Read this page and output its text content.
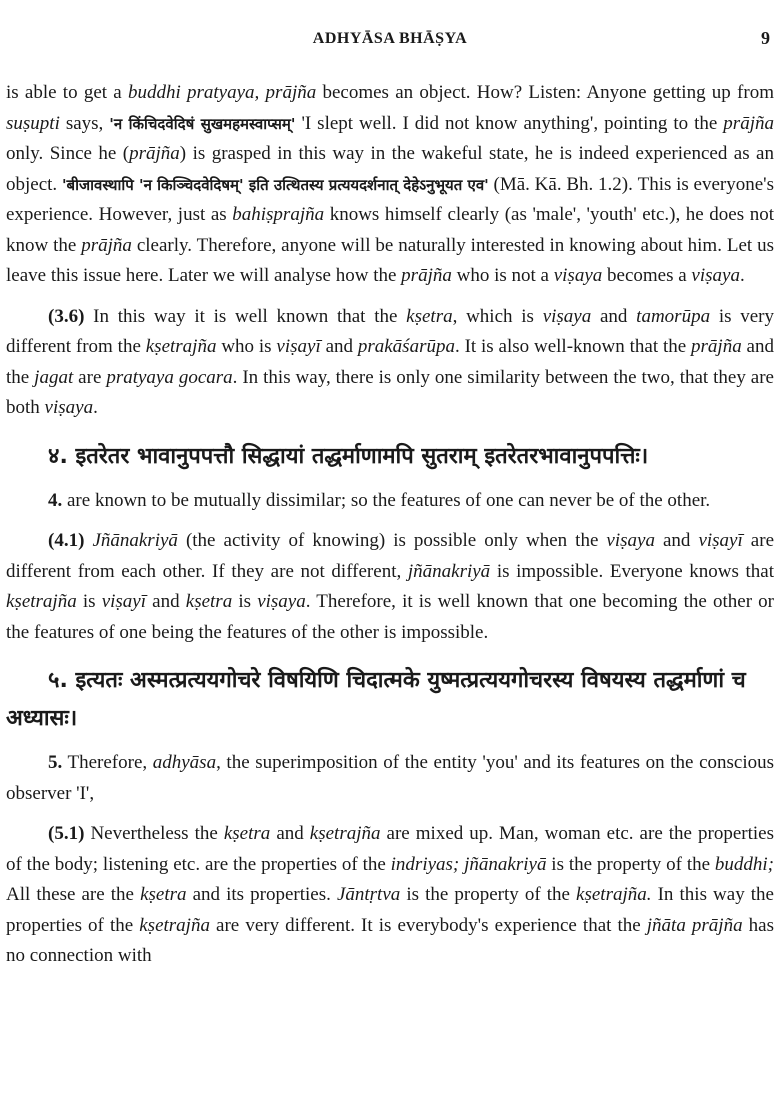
ADHYĀSA BHĀṢYA	9

is able to get a buddhi pratyaya, prājña becomes an object. How? Listen: Anyone getting up from suṣupti says, 'न किंचिदवेदिषं सुखमहमस्वाप्सम्' 'I slept well. I did not know anything', pointing to the prājña only. Since he (prājña) is grasped in this way in the wakeful state, he is indeed experienced as an object. 'बीजावस्थापि 'न किञ्चिदवेदिषम्' इति उत्थितस्य प्रत्ययदर्शनात् देहेऽनुभूयत एव' (Mā. Kā. Bh. 1.2). This is everyone's experience. However, just as bahiṣprajña knows himself clearly (as 'male', 'youth' etc.), he does not know the prājña clearly. Therefore, anyone will be naturally interested in knowing about him. Let us leave this issue here. Later we will analyse how the prājña who is not a viṣaya becomes a viṣaya.

(3.6) In this way it is well known that the kṣetra, which is viṣaya and tamorūpa is very different from the kṣetrajña who is viṣayī and prakāśarūpa. It is also well-known that the prājña and the jagat are pratyaya gocara. In this way, there is only one similarity between the two, that they are both viṣaya.

४. इतरेतर भावानुपपत्तौ सिद्धायां तद्धर्माणामपि सुतराम् इतरेतरभावानुपपत्तिः।

4. are known to be mutually dissimilar; so the features of one can never be of the other.

(4.1) Jñānakriyā (the activity of knowing) is possible only when the viṣaya and viṣayī are different from each other. If they are not different, jñānakriyā is impossible. Everyone knows that kṣetrajña is viṣayī and kṣetra is viṣaya. Therefore, it is well known that one becoming the other or the features of one being the features of the other is impossible.

५. इत्यतः अस्मत्प्रत्ययगोचरे विषयिणि चिदात्मके युष्मत्प्रत्ययगोचरस्य विषयस्य तद्धर्माणां च अध्यासः।

5. Therefore, adhyāsa, the superimposition of the entity 'you' and its features on the conscious observer 'I',

(5.1) Nevertheless the kṣetra and kṣetrajña are mixed up. Man, woman etc. are the properties of the body; listening etc. are the properties of the indriyas; jñānakriyā is the property of the buddhi; All these are the kṣetra and its properties. Jāntṛtva is the property of the kṣetrajña. In this way the properties of the kṣetrajña are very different. It is everybody's experience that the jñāta prājña has no connection with
